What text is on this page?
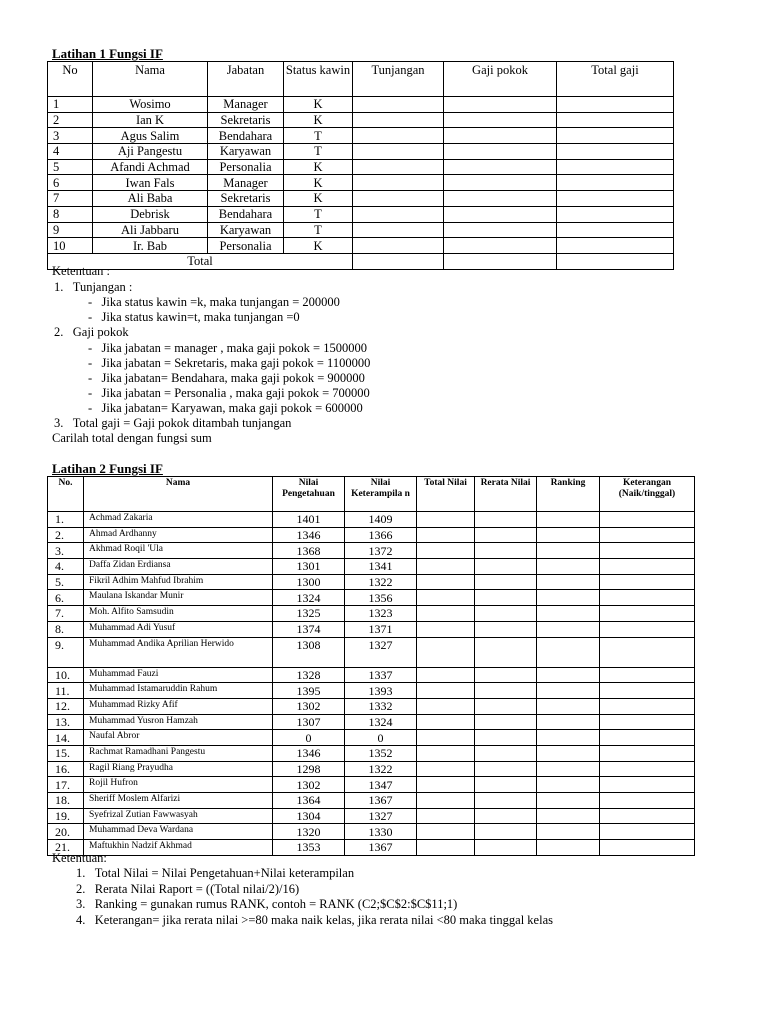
Latihan 1 Fungsi IF
No	Nama	Jabatan	Status kawin	Tunjangan	Gaji pokok	Total gaji
1	Wosimo	Manager	K			
2	Ian K	Sekretaris	K			
3	Agus Salim	Bendahara	T			
4	Aji Pangestu	Karyawan	T			
5	Afandi Achmad	Personalia	K			
6	Iwan Fals	Manager	K			
7	Ali Baba	Sekretaris	K			
8	Debrisk	Bendahara	T			
9	Ali Jabbaru	Karyawan	T			
10	Ir. Bab	Personalia	K			
Total						
Ketentuan :
1.   Tunjangan :
-   Jika status kawin =k, maka tunjangan = 200000
-   Jika status kawin=t, maka tunjangan =0
2.   Gaji pokok
-   Jika jabatan = manager , maka gaji pokok = 1500000
-   Jika jabatan = Sekretaris, maka gaji pokok = 1100000
-   Jika jabatan= Bendahara, maka gaji pokok = 900000
-   Jika jabatan = Personalia , maka gaji pokok = 700000
-   Jika jabatan= Karyawan, maka gaji pokok = 600000
3.   Total gaji = Gaji pokok ditambah tunjangan
Carilah total dengan fungsi sum
Latihan 2 Fungsi IF
No.	Nama	Nilai Pengetahuan	Nilai Keterampila n	Total Nilai	Rerata Nilai	Ranking	Keterangan (Naik/tinggal)
1.	Achmad Zakaria	1401	1409				
2.	Ahmad Ardhanny	1346	1366				
3.	Akhmad Roqil 'Ula	1368	1372				
4.	Daffa Zidan Erdiansa	1301	1341				
5.	Fikril Adhim Mahfud Ibrahim	1300	1322				
6.	Maulana Iskandar Munir	1324	1356				
7.	Moh. Alfito Samsudin	1325	1323				
8.	Muhammad Adi Yusuf	1374	1371				
9.	Muhammad Andika Aprilian Herwido	1308	1327				
10.	Muhammad Fauzi	1328	1337				
11.	Muhammad Istamaruddin Rahum	1395	1393				
12.	Muhammad Rizky Afif	1302	1332				
13.	Muhammad Yusron Hamzah	1307	1324				
14.	Naufal Abror	0	0				
15.	Rachmat Ramadhani Pangestu	1346	1352				
16.	Ragil Riang Prayudha	1298	1322				
17.	Rojil Hufron	1302	1347				
18.	Sheriff Moslem Alfarizi	1364	1367				
19.	Syefrizal Zutian Fawwasyah	1304	1327				
20.	Muhammad Deva Wardana	1320	1330				
21.	Maftukhin Nadzif Akhmad	1353	1367				
Ketentuan:
1.   Total Nilai = Nilai Pengetahuan+Nilai keterampilan
2.   Rerata Nilai Raport = ((Total nilai/2)/16)
3.   Ranking = gunakan rumus RANK, contoh = RANK (C2;$C$2:$C$11;1)
4.   Keterangan= jika rerata nilai >=80 maka naik kelas, jika rerata nilai <80 maka tinggal kelas
